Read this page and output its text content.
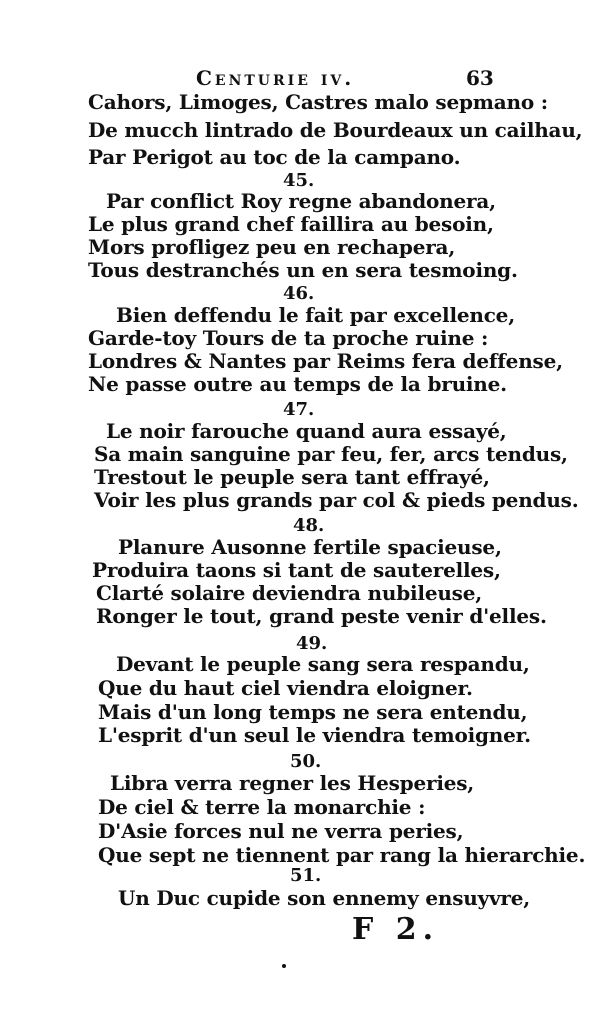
Centurie iv.	63
Cahors, Limoges, Castres malo sepmano :
De mucch lintrado de Bourdeaux un cailhau,
Par Perigot au toc de la campano.
45.
Par conflict Roy regne abandonera,
Le plus grand chef faillira au besoin,
Mors profligez peu en rechapera,
Tous destranchés un en sera tesmoing.
46.
Bien deffendu le fait par excellence,
Garde-toy Tours de ta proche ruine :
Londres & Nantes par Reims fera deffense,
Ne passe outre au temps de la bruine.
47.
Le noir farouche quand aura essayé,
Sa main sanguine par feu, fer, arcs tendus,
Trestout le peuple sera tant effrayé,
Voir les plus grands par col & pieds pendus.
48.
Planure Ausonne fertile spacieuse,
Produira taons si tant de sauterelles,
Clarté solaire deviendra nubileuse,
Ronger le tout, grand peste venir d'elles.
49.
Devant le peuple sang sera respandu,
Que du haut ciel viendra eloigner.
Mais d'un long temps ne sera entendu,
L'esprit d'un seul le viendra temoigner.
50.
Libra verra regner les Hesperies,
De ciel & terre la monarchie :
D'Asie forces nul ne verra peries,
Que sept ne tiennent par rang la hierarchie.
51.
Un Duc cupide son ennemy ensuyvre,
F 2.
